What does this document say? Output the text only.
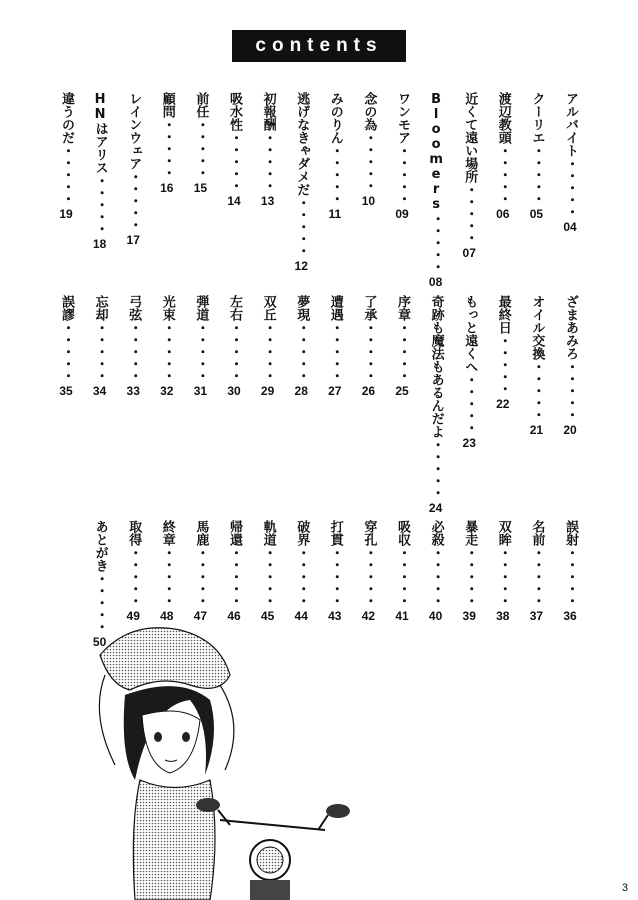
contents
アルバイト
・・・・・
04
クーリエ
・・・・・
05
渡辺教頭
・・・・・
06
近くて遠い場所
・・・・・
07
Bloomers
・・・・・
08
ワンモア
・・・・・
09
念の為
・・・・・
10
みのりん
・・・・・
11
逃げなきゃダメだ
・・・・・
12
初報酬
・・・・・
13
吸水性
・・・・・
14
前任
・・・・・
15
顧問
・・・・・
16
レインウェア
・・・・・
17
HNはアリス
・・・・・
18
違うのだ
・・・・・
19
ざまあみろ
・・・・・
20
オイル交換
・・・・・
21
最終日
・・・・・
22
もっと遠くへ
・・・・・
23
奇跡も魔法もあるんだよ
・・・・・
24
序章
・・・・・
25
了承
・・・・・
26
遭遇
・・・・・
27
夢現
・・・・・
28
双丘
・・・・・
29
左右
・・・・・
30
弾道
・・・・・
31
光束
・・・・・
32
弓弦
・・・・・
33
忘却
・・・・・
34
誤謬
・・・・・
35
誤射
・・・・・
36
名前
・・・・・
37
双眸
・・・・・
38
暴走
・・・・・
39
必殺
・・・・・
40
吸収
・・・・・
41
穿孔
・・・・・
42
打貫
・・・・・
43
破界
・・・・・
44
軌道
・・・・・
45
帰還
・・・・・
46
馬鹿
・・・・・
47
終章
・・・・・
48
取得
・・・・・
49
あとがき
・・・・・
50
3
